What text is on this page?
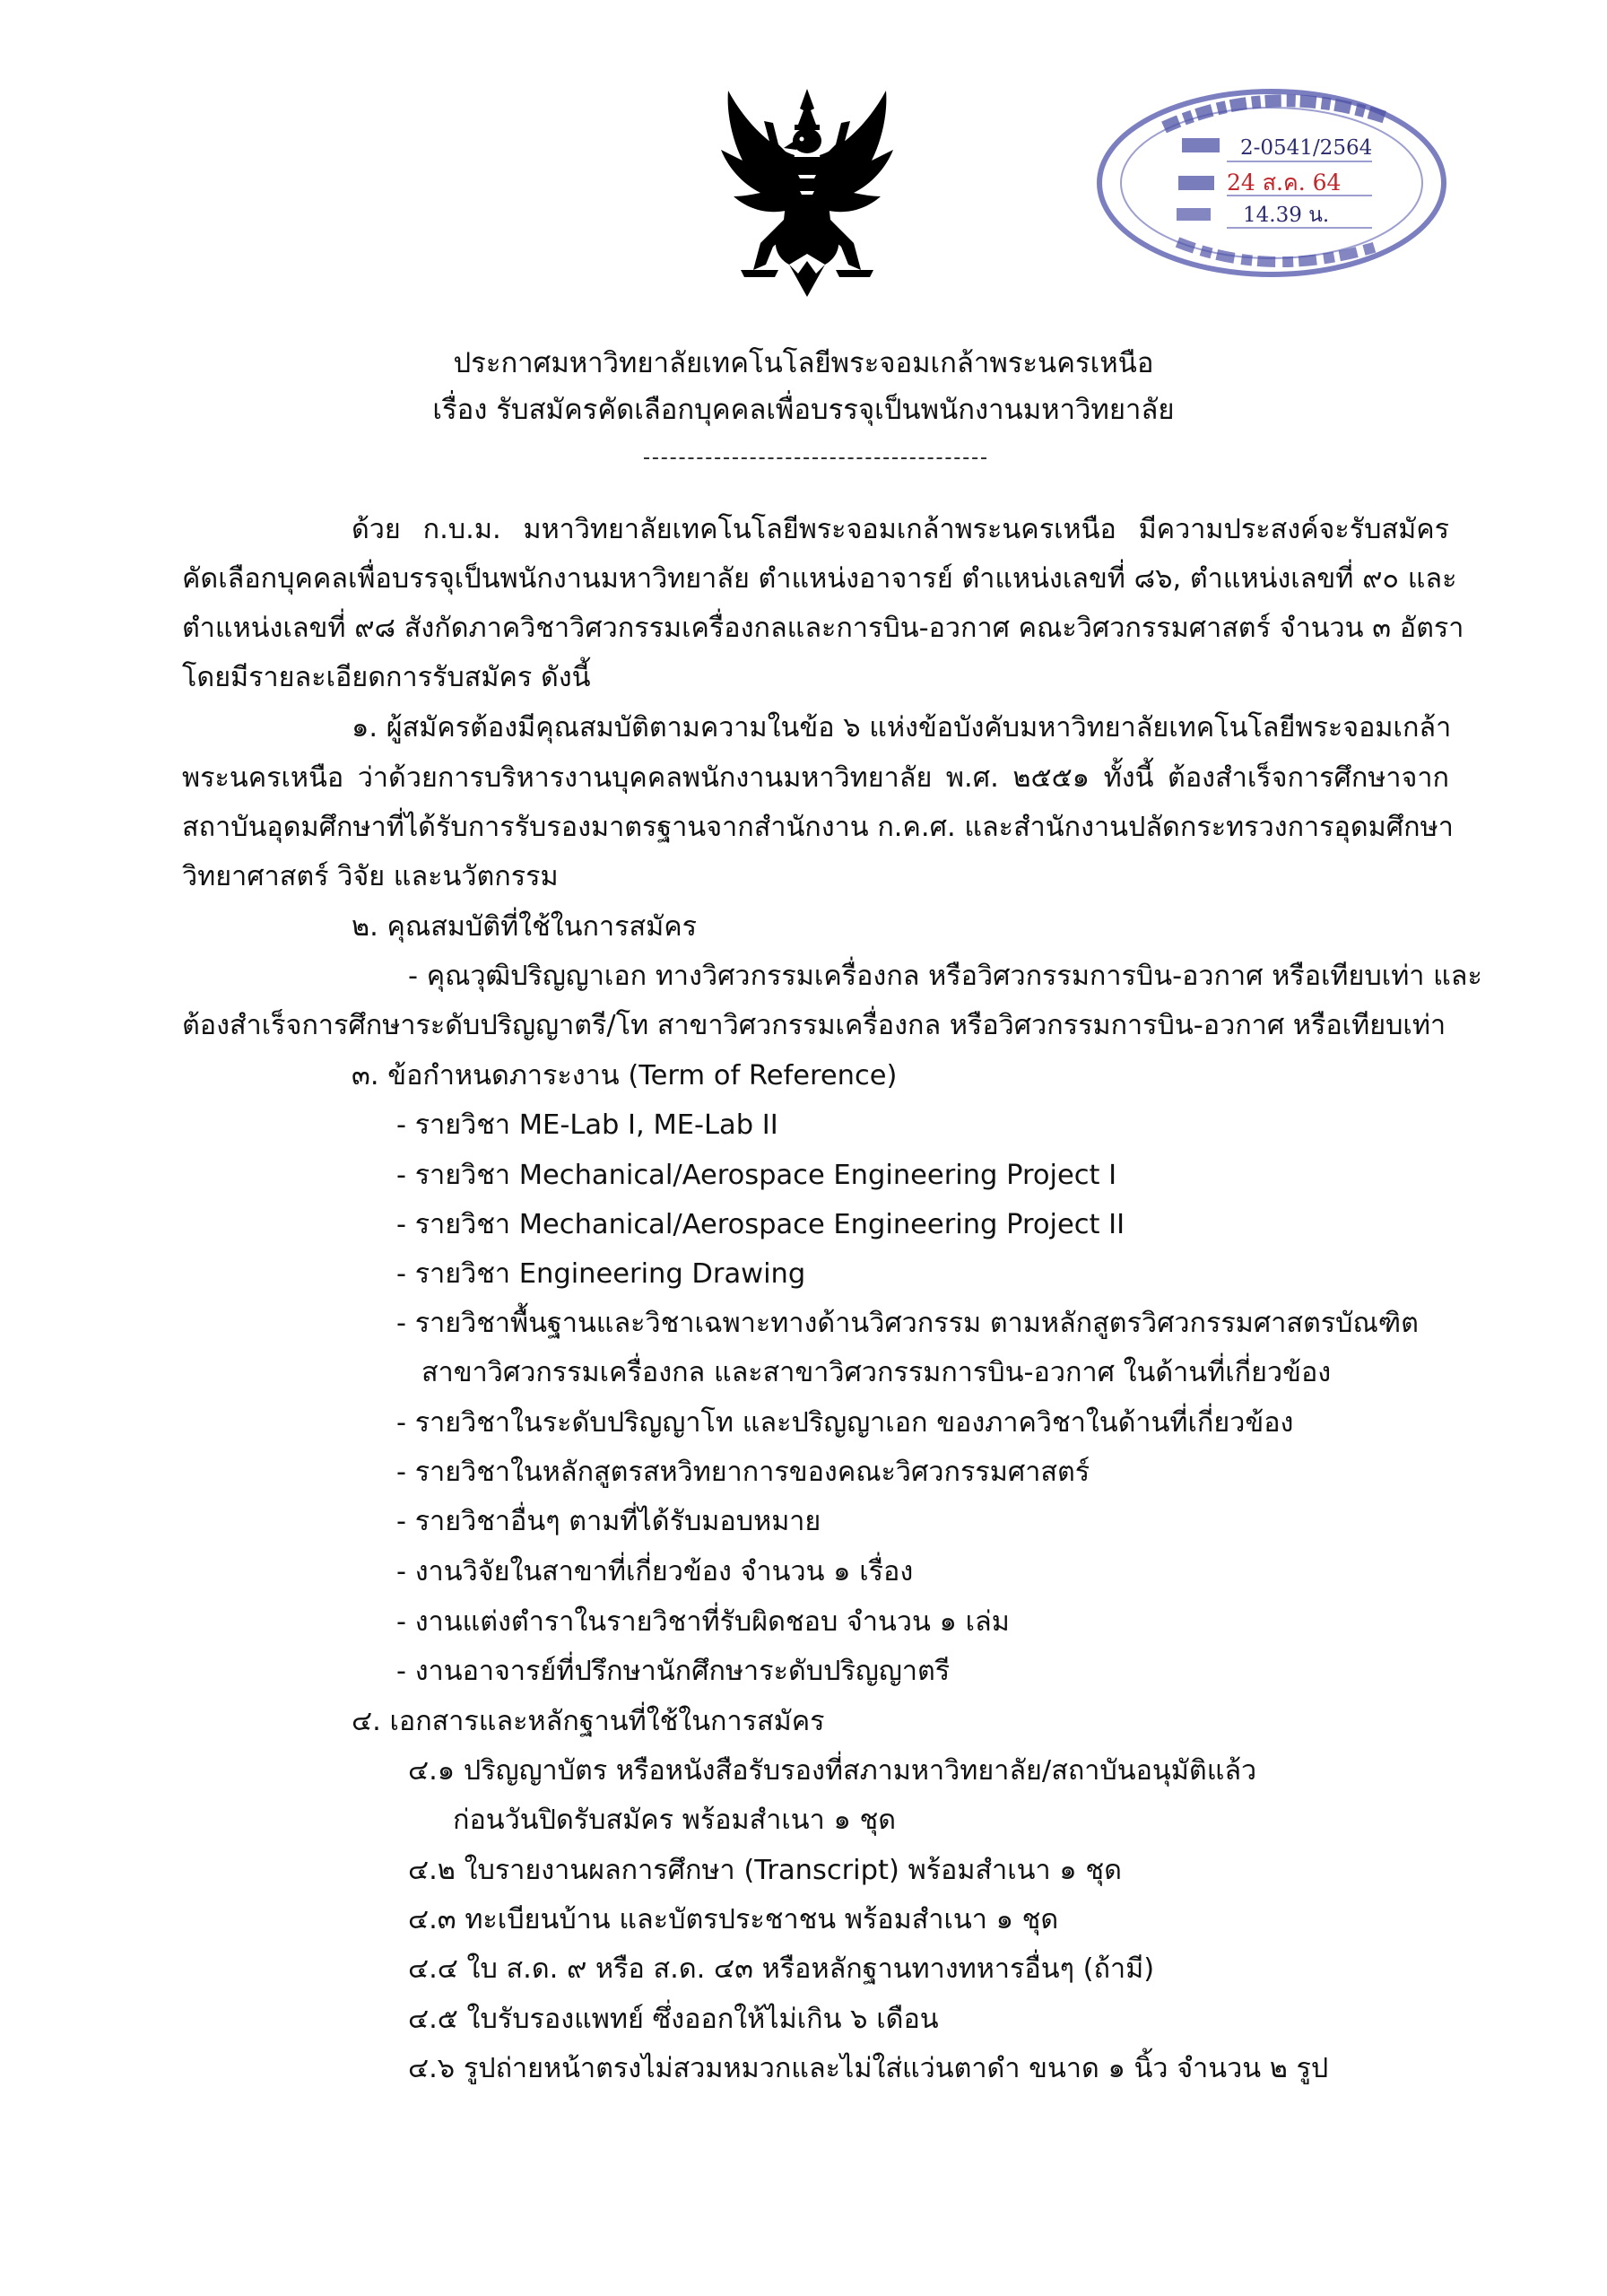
2-0541/2564
24 ส.ค. 64
14.39 น.
ประกาศมหาวิทยาลัยเทคโนโลยีพระจอมเกล้าพระนครเหนือ
เรื่อง รับสมัครคัดเลือกบุคคลเพื่อบรรจุเป็นพนักงานมหาวิทยาลัย
ด้วย ก.บ.ม. มหาวิทยาลัยเทคโนโลยีพระจอมเกล้าพระนครเหนือ มีความประสงค์จะรับสมัคร
คัดเลือกบุคคลเพื่อบรรจุเป็นพนักงานมหาวิทยาลัย ตำแหน่งอาจารย์ ตำแหน่งเลขที่ ๘๖, ตำแหน่งเลขที่ ๙๐ และ
ตำแหน่งเลขที่ ๙๘ สังกัดภาควิชาวิศวกรรมเครื่องกลและการบิน-อวกาศ คณะวิศวกรรมศาสตร์ จำนวน ๓ อัตรา
โดยมีรายละเอียดการรับสมัคร ดังนี้
๑. ผู้สมัครต้องมีคุณสมบัติตามความในข้อ ๖ แห่งข้อบังคับมหาวิทยาลัยเทคโนโลยีพระจอมเกล้า
พระนครเหนือ ว่าด้วยการบริหารงานบุคคลพนักงานมหาวิทยาลัย พ.ศ. ๒๕๕๑ ทั้งนี้ ต้องสำเร็จการศึกษาจาก
สถาบันอุดมศึกษาที่ได้รับการรับรองมาตรฐานจากสำนักงาน ก.ค.ศ. และสำนักงานปลัดกระทรวงการอุดมศึกษา
วิทยาศาสตร์ วิจัย และนวัตกรรม
๒. คุณสมบัติที่ใช้ในการสมัคร
- คุณวุฒิปริญญาเอก ทางวิศวกรรมเครื่องกล หรือวิศวกรรมการบิน-อวกาศ หรือเทียบเท่า และ
ต้องสำเร็จการศึกษาระดับปริญญาตรี/โท สาขาวิศวกรรมเครื่องกล หรือวิศวกรรมการบิน-อวกาศ หรือเทียบเท่า
๓. ข้อกำหนดภาระงาน (Term of Reference)
- รายวิชา ME-Lab I, ME-Lab II
- รายวิชา Mechanical/Aerospace Engineering Project I
- รายวิชา Mechanical/Aerospace Engineering Project II
- รายวิชา Engineering Drawing
- รายวิชาพื้นฐานและวิชาเฉพาะทางด้านวิศวกรรม ตามหลักสูตรวิศวกรรมศาสตรบัณฑิต
สาขาวิศวกรรมเครื่องกล และสาขาวิศวกรรมการบิน-อวกาศ ในด้านที่เกี่ยวข้อง
- รายวิชาในระดับปริญญาโท และปริญญาเอก ของภาควิชาในด้านที่เกี่ยวข้อง
- รายวิชาในหลักสูตรสหวิทยาการของคณะวิศวกรรมศาสตร์
- รายวิชาอื่นๆ ตามที่ได้รับมอบหมาย
- งานวิจัยในสาขาที่เกี่ยวข้อง จำนวน ๑ เรื่อง
- งานแต่งตำราในรายวิชาที่รับผิดชอบ จำนวน ๑ เล่ม
- งานอาจารย์ที่ปรึกษานักศึกษาระดับปริญญาตรี
๔. เอกสารและหลักฐานที่ใช้ในการสมัคร
๔.๑ ปริญญาบัตร หรือหนังสือรับรองที่สภามหาวิทยาลัย/สถาบันอนุมัติแล้ว
ก่อนวันปิดรับสมัคร พร้อมสำเนา ๑ ชุด
๔.๒ ใบรายงานผลการศึกษา (Transcript) พร้อมสำเนา ๑ ชุด
๔.๓ ทะเบียนบ้าน และบัตรประชาชน พร้อมสำเนา ๑ ชุด
๔.๔ ใบ ส.ด. ๙ หรือ ส.ด. ๔๓ หรือหลักฐานทางทหารอื่นๆ (ถ้ามี)
๔.๕ ใบรับรองแพทย์ ซึ่งออกให้ไม่เกิน ๖ เดือน
๔.๖ รูปถ่ายหน้าตรงไม่สวมหมวกและไม่ใส่แว่นตาดำ ขนาด ๑ นิ้ว จำนวน ๒ รูป
